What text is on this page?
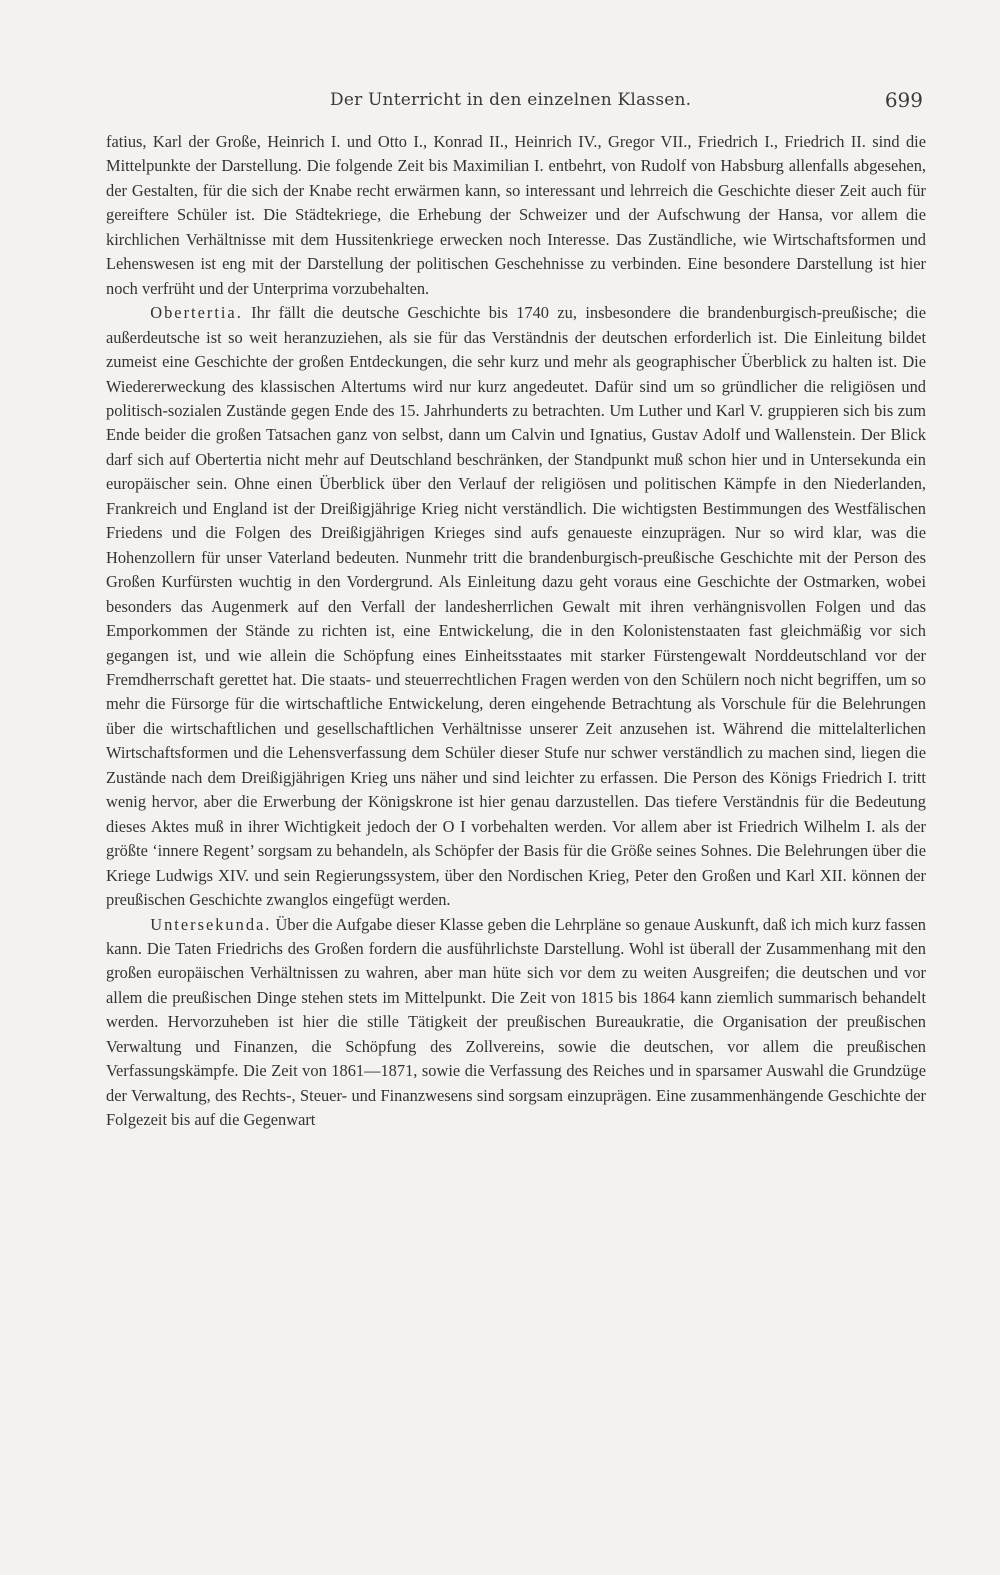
Der Unterricht in den einzelnen Klassen.	699

fatius, Karl der Große, Heinrich I. und Otto I., Konrad II., Heinrich IV., Gregor VII., Friedrich I., Friedrich II. sind die Mittelpunkte der Darstellung. Die folgende Zeit bis Maximilian I. entbehrt, von Rudolf von Habsburg allenfalls abgesehen, der Gestalten, für die sich der Knabe recht erwärmen kann, so interessant und lehrreich die Geschichte dieser Zeit auch für gereiftere Schüler ist. Die Städtekriege, die Erhebung der Schweizer und der Aufschwung der Hansa, vor allem die kirchlichen Verhältnisse mit dem Hussitenkriege erwecken noch Interesse. Das Zuständliche, wie Wirtschaftsformen und Lehenswesen ist eng mit der Darstellung der politischen Geschehnisse zu verbinden. Eine besondere Darstellung ist hier noch verfrüht und der Unterprima vorzubehalten.

Obertertia. Ihr fällt die deutsche Geschichte bis 1740 zu, insbesondere die brandenburgisch-preußische; die außerdeutsche ist so weit heranzuziehen, als sie für das Verständnis der deutschen erforderlich ist. Die Einleitung bildet zumeist eine Geschichte der großen Entdeckungen, die sehr kurz und mehr als geographischer Überblick zu halten ist. Die Wiedererweckung des klassischen Altertums wird nur kurz angedeutet. Dafür sind um so gründlicher die religiösen und politisch-sozialen Zustände gegen Ende des 15. Jahrhunderts zu betrachten. Um Luther und Karl V. gruppieren sich bis zum Ende beider die großen Tatsachen ganz von selbst, dann um Calvin und Ignatius, Gustav Adolf und Wallenstein. Der Blick darf sich auf Obertertia nicht mehr auf Deutschland beschränken, der Standpunkt muß schon hier und in Untersekunda ein europäischer sein. Ohne einen Überblick über den Verlauf der religiösen und politischen Kämpfe in den Niederlanden, Frankreich und England ist der Dreißigjährige Krieg nicht verständlich. Die wichtigsten Bestimmungen des Westfälischen Friedens und die Folgen des Dreißigjährigen Krieges sind aufs genaueste einzuprägen. Nur so wird klar, was die Hohenzollern für unser Vaterland bedeuten. Nunmehr tritt die brandenburgisch-preußische Geschichte mit der Person des Großen Kurfürsten wuchtig in den Vordergrund. Als Einleitung dazu geht voraus eine Geschichte der Ostmarken, wobei besonders das Augenmerk auf den Verfall der landesherrlichen Gewalt mit ihren verhängnisvollen Folgen und das Emporkommen der Stände zu richten ist, eine Entwickelung, die in den Kolonistenstaaten fast gleichmäßig vor sich gegangen ist, und wie allein die Schöpfung eines Einheitsstaates mit starker Fürstengewalt Norddeutschland vor der Fremdherrschaft gerettet hat. Die staats- und steuerrechtlichen Fragen werden von den Schülern noch nicht begriffen, um so mehr die Fürsorge für die wirtschaftliche Entwickelung, deren eingehende Betrachtung als Vorschule für die Belehrungen über die wirtschaftlichen und gesellschaftlichen Verhältnisse unserer Zeit anzusehen ist. Während die mittelalterlichen Wirtschaftsformen und die Lehensverfassung dem Schüler dieser Stufe nur schwer verständlich zu machen sind, liegen die Zustände nach dem Dreißigjährigen Krieg uns näher und sind leichter zu erfassen. Die Person des Königs Friedrich I. tritt wenig hervor, aber die Erwerbung der Königskrone ist hier genau darzustellen. Das tiefere Verständnis für die Bedeutung dieses Aktes muß in ihrer Wichtigkeit jedoch der O I vorbehalten werden. Vor allem aber ist Friedrich Wilhelm I. als der größte ‘innere Regent’ sorgsam zu behandeln, als Schöpfer der Basis für die Größe seines Sohnes. Die Belehrungen über die Kriege Ludwigs XIV. und sein Regierungssystem, über den Nordischen Krieg, Peter den Großen und Karl XII. können der preußischen Geschichte zwanglos eingefügt werden.

Untersekunda. Über die Aufgabe dieser Klasse geben die Lehrpläne so genaue Auskunft, daß ich mich kurz fassen kann. Die Taten Friedrichs des Großen fordern die ausführlichste Darstellung. Wohl ist überall der Zusammenhang mit den großen europäischen Verhältnissen zu wahren, aber man hüte sich vor dem zu weiten Ausgreifen; die deutschen und vor allem die preußischen Dinge stehen stets im Mittelpunkt. Die Zeit von 1815 bis 1864 kann ziemlich summarisch behandelt werden. Hervorzuheben ist hier die stille Tätigkeit der preußischen Bureaukratie, die Organisation der preußischen Verwaltung und Finanzen, die Schöpfung des Zollvereins, sowie die deutschen, vor allem die preußischen Verfassungskämpfe. Die Zeit von 1861—1871, sowie die Verfassung des Reiches und in sparsamer Auswahl die Grundzüge der Verwaltung, des Rechts-, Steuer- und Finanzwesens sind sorgsam einzuprägen. Eine zusammenhängende Geschichte der Folgezeit bis auf die Gegenwart
